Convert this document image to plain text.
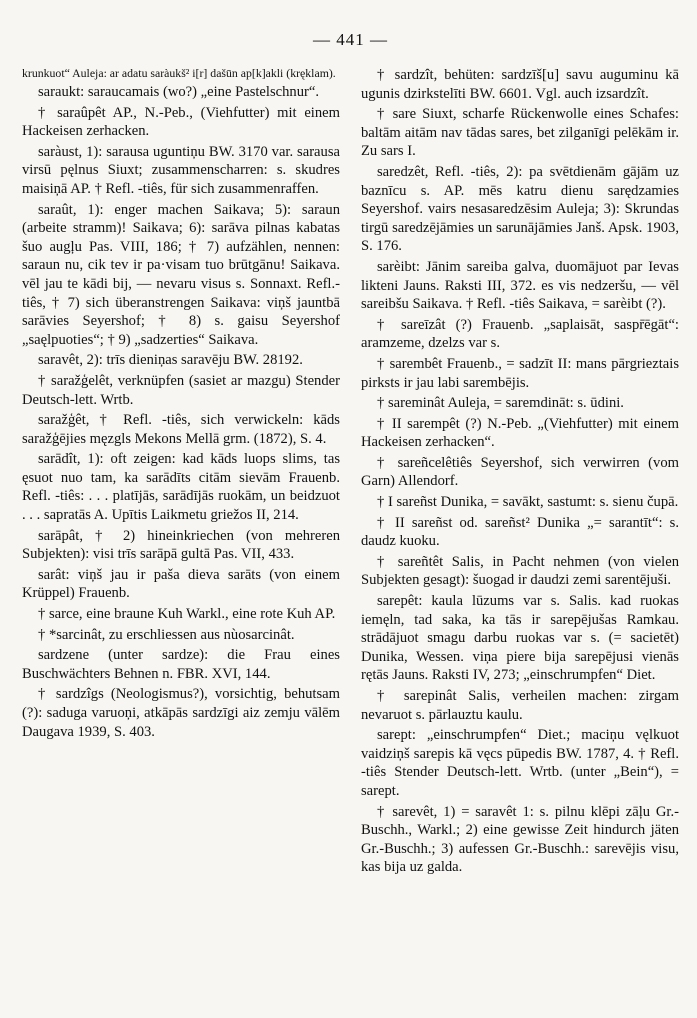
— 441 —

krunkuot“ Auleja: ar adatu saràukš² i[r] dašūn ap[k]akli (kręklam).

saraukt: sarauсаmais (wo?) „eine Pastelschnur“.

† saraûpêt AP., N.-Peb., (Viehfutter) mit einem Hackeisen zerhacken.

saràust, 1): sarausa uguntiņu BW. 3170 var. sarausa virsū pęlnus Siuxt; zusammenscharren: s. skudres maisiņā AP. † Refl. -tiês, für sich zusammenraffen.

saraût, 1): enger machen Saikava; 5): saraun (arbeite stramm)! Saikava; 6): sarāva pilnas kabatas šuo augļu Pas. VIII, 186; † 7) aufzählen, nennen: saraun nu, cik tev ir pa·visam tuo brūtgānu! Saikava. vēl jau te kādi bij, — nevaru visus s. Sonnaxt. Refl.-tiês, † 7) sich überanstrengen Saikava: viņš jauntbā sarāvies Seyershof; † 8) s. gaisu Seyershof „saęlpuoties“; † 9) „sadzerties“ Saikava.

saravêt, 2): trīs dieniņas saravēju BW. 28192.

† saražģelêt, verknüpfen (sasiet ar mazgu) Stender Deutsch-lett. Wrtb.

saražģêt, † Refl. -tiês, sich verwickeln: kāds saražģējies męzgls Mekons Mellā grm. (1872), S. 4.

sarādît, 1): oft zeigen: kad kāds luops slims, tas ęsuot nuo tam, ka sarādīts citām sievām Frauenb. Refl. -tiês: . . . platījās, sarādījās ruokām, un beidzuot . . . sapratās A. Upītis Laikmetu griežos II, 214.

sarāpât, † 2) hineinkriechen (von mehreren Subjekten): visi trīs sarāpā gultā Pas. VII, 433.

sarât: viņš jau ir paša dieva sarāts (von einem Krüppel) Frauenb.

† sarce, eine braune Kuh Warkl., eine rote Kuh AP.

† *sarcinât, zu erschliessen aus nùosarcinât.

sardzene (unter sardze): die Frau eines Buschwächters Behnen n. FBR. XVI, 144.

† sardzîgs (Neologismus?), vorsichtig, behutsam (?): saduga varuoņi, atkāpās sardzīgi aiz zemju vālēm Daugava 1939, S. 403.

† sardzît, behüten: sardzīš[u] savu auguminu kā ugunis dzirkstelīti BW. 6601. Vgl. auch izsardzît.

† sare Siuxt, scharfe Rückenwolle eines Schafes: baltām aitām nav tādas sares, bet zilganīgi pelēkām ir. Zu sars I.

saredzêt, Refl. -tiês, 2): pa svētdienām gājām uz baznīcu s. AP. mēs katru dienu sarędzamies Seyershof. vairs nesasaredzēsim Auleja; 3): Skrundas tirgū saredzējāmies un sarunājāmies Janš. Apsk. 1903, S. 176.

sarèibt: Jānim sareiba galva, duomājuot par Ievas likteni Jauns. Raksti III, 372. es vis nedzeršu, — vēl sareibšu Saikava. † Refl. -tiês Saikava, = sarèibt (?).

† sareīzât (?) Frauenb. „saplaisāt, saspr̄ēgāt“: aramzeme, dzelzs var s.

† sarembêt Frauenb., = sadzīt II: mans pārgrieztais pirksts ir jau labi sarembējis.

† sareminât Auleja, = saremdināt: s. ūdini.

† II sarempêt (?) N.-Peb. „(Viehfutter) mit einem Hackeisen zerhacken“.

† sareñcelêtiês Seyershof, sich verwirren (vom Garn) Allendorf.

† I sareñst Dunika, = savākt, sastumt: s. sienu čupā.

† II sareñst od. sareñst² Dunika „= sarantīt“: s. daudz kuoku.

† sareñtêt Salis, in Pacht nehmen (von vielen Subjekten gesagt): šuogad ir daudzi zemi sarentējuši.

sarepêt: kaula lūzums var s. Salis. kad ruokas iemęln, tad saka, ka tās ir sarepējušas Ramkau. strādājuot smagu darbu ruokas var s. (= sacietēt) Dunika, Wessen. viņa piere bija sarepējusi vienās rętās Jauns. Raksti IV, 273; „einschrumpfen“ Diet.

† sarepinât Salis, verheilen machen: zirgam nevaruot s. pārlauztu kaulu.

sarept: „einschrumpfen“ Diet.; maciņu vęlkuot vaidziņš sarepis kā vęcs pūpedis BW. 1787, 4. † Refl. -tiês Stender Deutsch-lett. Wrtb. (unter „Bein“), = sarept.

† sarevêt, 1) = saravêt 1: s. pilnu klēpi zāļu Gr.-Buschh., Warkl.; 2) eine gewisse Zeit hindurch jäten Gr.-Buschh.; 3) aufessen Gr.-Buschh.: sarevējis visu, kas bija uz galda.
